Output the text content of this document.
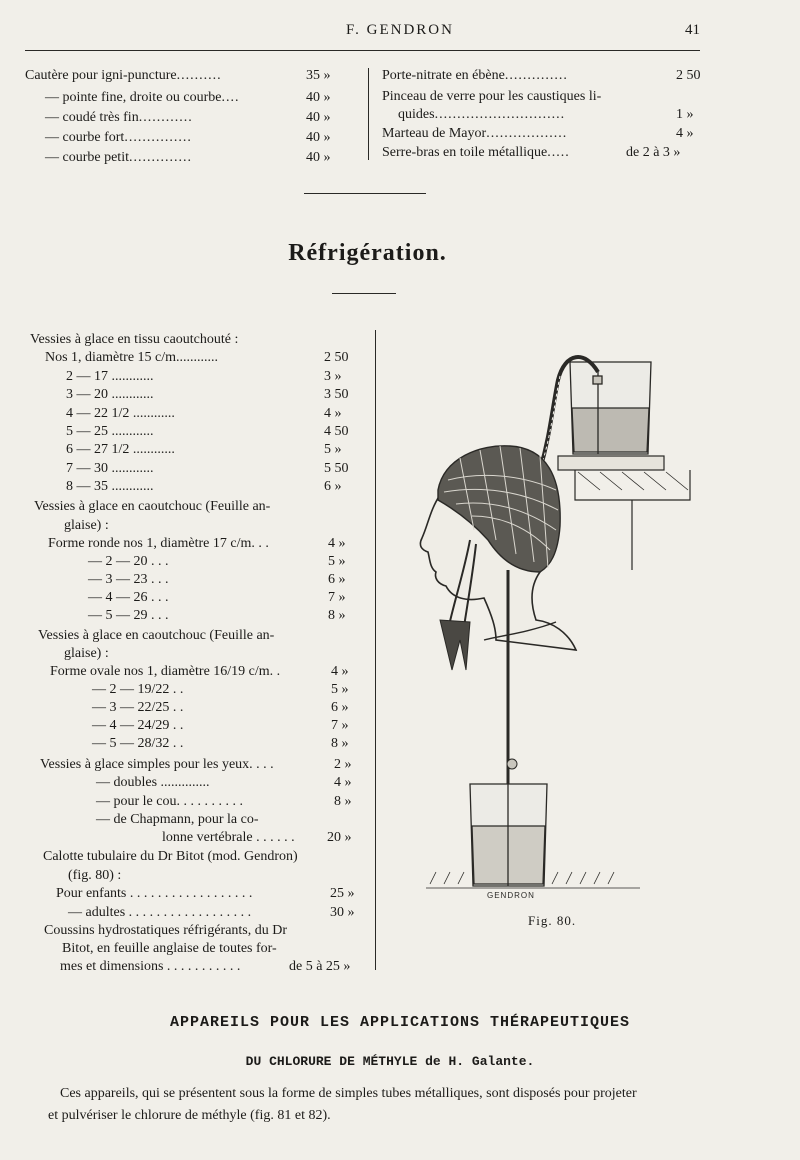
F. GENDRON	41
Cautère pour igni-puncture..........	35 »
— pointe fine, droite ou courbe....	40 »
— coudé très fin............	40 »
— courbe fort...............	40 »
— courbe petit..............	40 »
Porte-nitrate en ébène..............	2 50
Pinceau de verre pour les caustiques li-
quides.............................	1 »
Marteau de Mayor..................	4 »
Serre-bras en toile métallique.....	de 2 à 3 »
Réfrigération.
Vessies à glace en tissu caoutchouté :
Nos 1, diamètre 15 c/m............	2 50
2 — 17 ............	3 »
3 — 20 ............	3 50
4 — 22 1/2 ............	4 »
5 — 25 ............	4 50
6 — 27 1/2 ............	5 »
7 — 30 ............	5 50
8 — 35 ............	6 »
Vessies à glace en caoutchouc (Feuille an-
glaise) :
Forme ronde nos 1, diamètre 17 c/m. . .	4 »
— 2 — 20 . . .	5 »
— 3 — 23 . . .	6 »
— 4 — 26 . . .	7 »
— 5 — 29 . . .	8 »
Vessies à glace en caoutchouc (Feuille an-
glaise) :
Forme ovale nos 1, diamètre 16/19 c/m. .	4 »
— 2 — 19/22 . .	5 »
— 3 — 22/25 . .	6 »
— 4 — 24/29 . .	7 »
— 5 — 28/32 . .	8 »
Vessies à glace simples pour les yeux. . . .	2 »
— doubles ..............	4 »
— pour le cou. . . . . . . . . .	8 »
— de Chapmann, pour la co-
lonne vertébrale . . . . . . 20 »
Calotte tubulaire du Dr Bitot (mod. Gendron)
(fig. 80) :
Pour enfants . . . . . . . . . . . . . . . . . .	25 »
— adultes . . . . . . . . . . . . . . . . . .	30 »
Coussins hydrostatiques réfrigérants, du Dr
Bitot, en feuille anglaise de toutes for-
mes et dimensions . . . . . . . . . . .	de 5 à 25 »
GENDRON
Fig. 80.
APPAREILS POUR LES APPLICATIONS THÉRAPEUTIQUES
DU CHLORURE DE MÉTHYLE de H. Galante.
Ces appareils, qui se présentent sous la forme de simples tubes métalliques, sont disposés pour projeter
et pulvériser le chlorure de méthyle (fig. 81 et 82).
